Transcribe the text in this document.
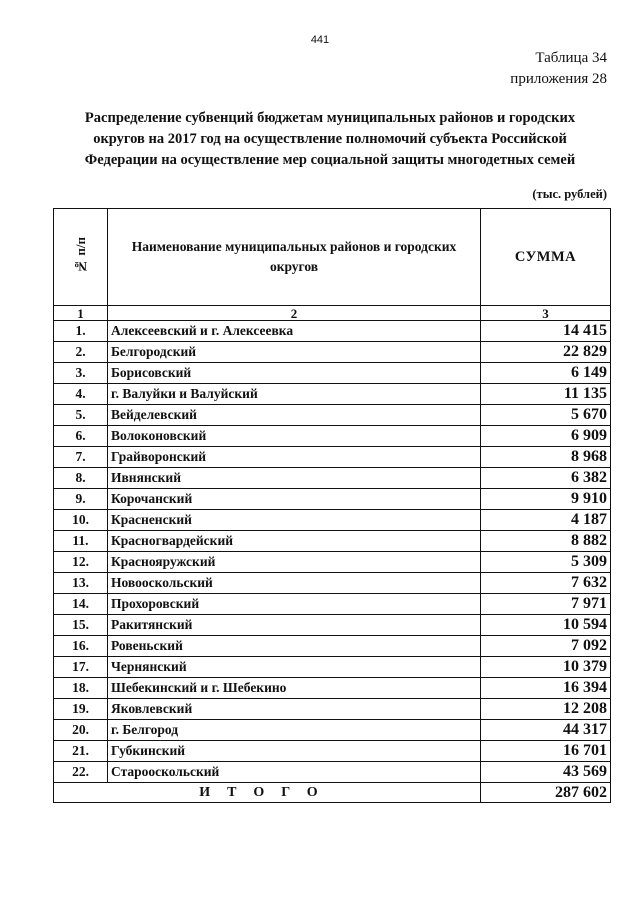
441
Таблица 34
приложения 28
Распределение субвенций бюджетам муниципальных районов и городских округов на 2017 год на осуществление полномочий субъекта Российской Федерации на осуществление мер социальной защиты многодетных семей
(тыс. рублей)
№ п/п	Наименование муниципальных районов и городских округов	СУММА
1	2	3
1.	Алексеевский и г. Алексеевка	14 415
2.	Белгородский	22 829
3.	Борисовский	6 149
4.	г. Валуйки и Валуйский	11 135
5.	Вейделевский	5 670
6.	Волоконовский	6 909
7.	Грайворонский	8 968
8.	Ивнянский	6 382
9.	Корочанский	9 910
10.	Красненский	4 187
11.	Красногвардейский	8 882
12.	Краснояружский	5 309
13.	Новооскольский	7 632
14.	Прохоровский	7 971
15.	Ракитянский	10 594
16.	Ровеньский	7 092
17.	Чернянский	10 379
18.	Шебекинский и г. Шебекино	16 394
19.	Яковлевский	12 208
20.	г. Белгород	44 317
21.	Губкинский	16 701
22.	Старооскольский	43 569
ИТОГО		287 602
